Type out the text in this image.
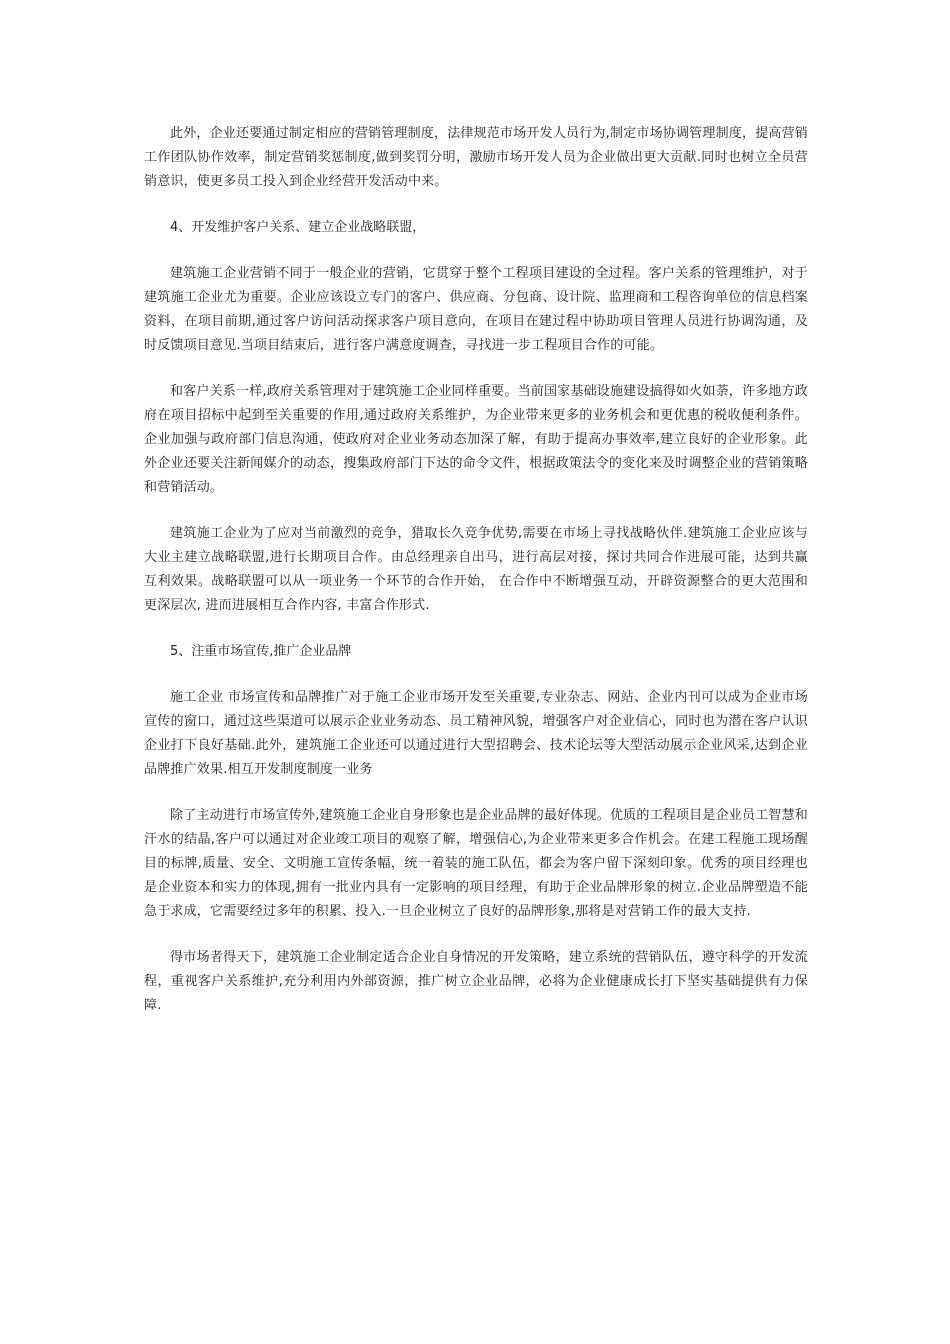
此外，企业还要通过制定相应的营销管理制度，法律规范市场开发人员行为,制定市场协调管理制度，提高营销工作团队协作效率，制定营销奖惩制度,做到奖罚分明，激励市场开发人员为企业做出更大贡献.同时也树立全员营销意识，使更多员工投入到企业经营开发活动中来。

4、开发维护客户关系、建立企业战略联盟，

建筑施工企业营销不同于一般企业的营销，它贯穿于整个工程项目建设的全过程。客户关系的管理维护，对于建筑施工企业尤为重要。企业应该设立专门的客户、供应商、分包商、设计院、监理商和工程咨询单位的信息档案资料，在项目前期,通过客户访问活动探求客户项目意向，在项目在建过程中协助项目管理人员进行协调沟通，及时反馈项目意见.当项目结束后，进行客户满意度调查，寻找进一步工程项目合作的可能。

和客户关系一样,政府关系管理对于建筑施工企业同样重要。当前国家基础设施建设搞得如火如荼，许多地方政府在项目招标中起到至关重要的作用,通过政府关系维护，为企业带来更多的业务机会和更优惠的税收便利条件。企业加强与政府部门信息沟通，使政府对企业业务动态加深了解，有助于提高办事效率,建立良好的企业形象。此外企业还要关注新闻媒介的动态，搜集政府部门下达的命令文件，根据政策法令的变化来及时调整企业的营销策略和营销活动。

建筑施工企业为了应对当前激烈的竞争，猎取长久竞争优势,需要在市场上寻找战略伙伴.建筑施工企业应该与大业主建立战略联盟,进行长期项目合作。由总经理亲自出马，进行高层对接，探讨共同合作进展可能，达到共赢互利效果。战略联盟可以从一项业务一个环节的合作开始， 在合作中不断增强互动，开辟资源整合的更大范围和更深层次, 进而进展相互合作内容, 丰富合作形式.

5、注重市场宣传,推广企业品牌

施工企业 市场宣传和品牌推广对于施工企业市场开发至关重要,专业杂志、网站、企业内刊可以成为企业市场宣传的窗口，通过这些渠道可以展示企业业务动态、员工精神风貌，增强客户对企业信心，同时也为潜在客户认识企业打下良好基础.此外，建筑施工企业还可以通过进行大型招聘会、技术论坛等大型活动展示企业风采,达到企业品牌推广效果.相互开发制度制度一业务

除了主动进行市场宣传外,建筑施工企业自身形象也是企业品牌的最好体现。优质的工程项目是企业员工智慧和汗水的结晶,客户可以通过对企业竣工项目的观察了解，增强信心,为企业带来更多合作机会。在建工程施工现场醒目的标牌,质量、安全、文明施工宣传条幅，统一着装的施工队伍，都会为客户留下深刻印象。优秀的项目经理也是企业资本和实力的体现,拥有一批业内具有一定影响的项目经理，有助于企业品牌形象的树立.企业品牌塑造不能急于求成，它需要经过多年的积累、投入.一旦企业树立了良好的品牌形象,那将是对营销工作的最大支持.

得市场者得天下，建筑施工企业制定适合企业自身情况的开发策略，建立系统的营销队伍，遵守科学的开发流程，重视客户关系维护,充分利用内外部资源，推广树立企业品牌，必将为企业健康成长打下坚实基础提供有力保障.
